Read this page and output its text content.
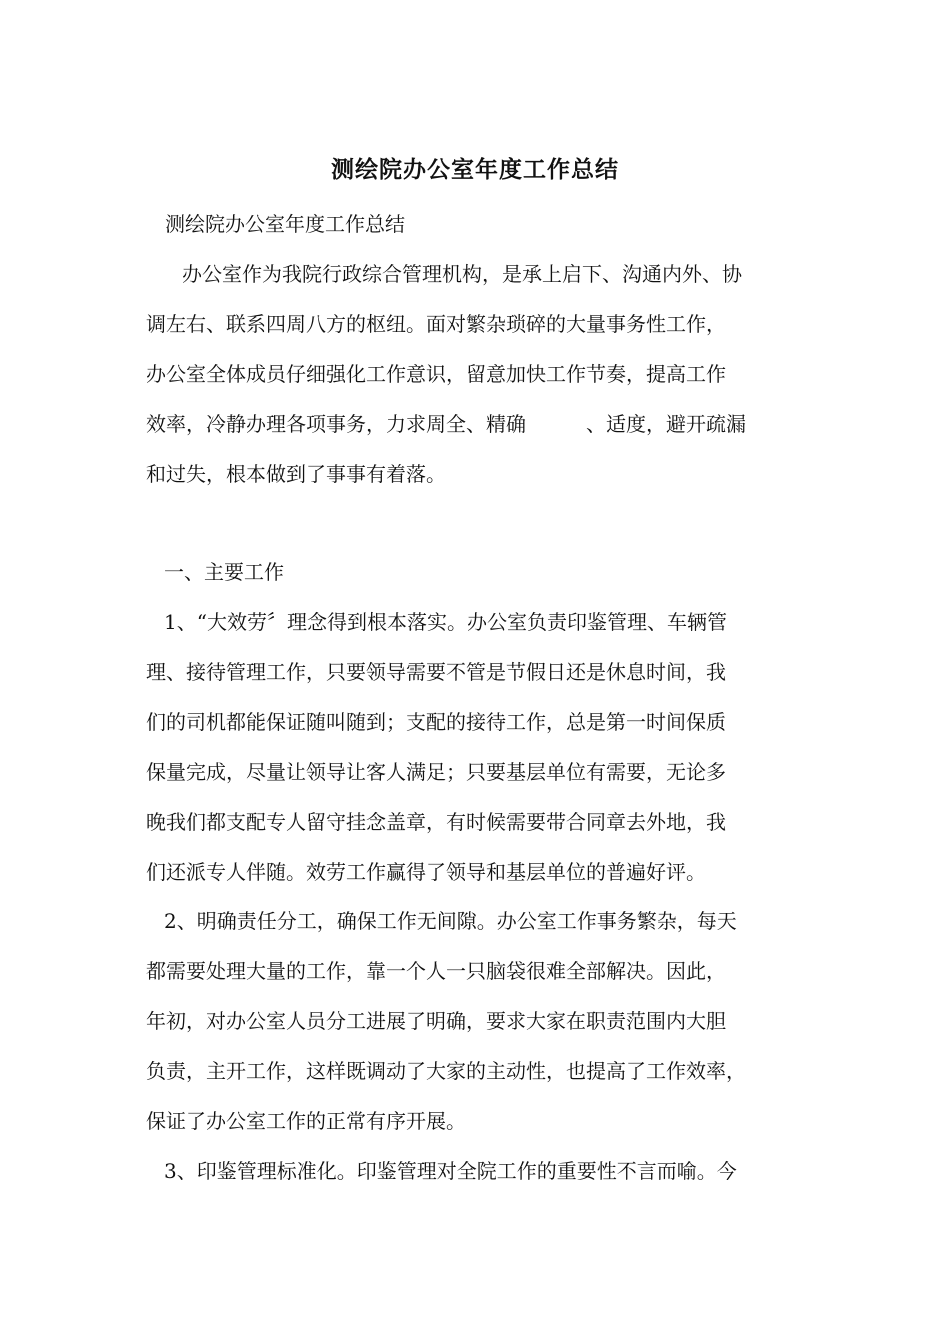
测绘院办公室年度工作总结

测绘院办公室年度工作总结

办公室作为我院行政综合管理机构，是承上启下、沟通内外、协
调左右、联系四周八方的枢纽。面对繁杂琐碎的大量事务性工作，
办公室全体成员仔细强化工作意识，留意加快工作节奏，提高工作
效率，冷静办理各项事务，力求周全、精确	、适度，避开疏漏
和过失，根本做到了事事有着落。
一、主要工作
1、“大效劳〞理念得到根本落实。办公室负责印鉴管理、车辆管
理、接待管理工作，只要领导需要不管是节假日还是休息时间，我
们的司机都能保证随叫随到；支配的接待工作，总是第一时间保质
保量完成，尽量让领导让客人满足；只要基层单位有需要，无论多
晚我们都支配专人留守挂念盖章，有时候需要带合同章去外地，我
们还派专人伴随。效劳工作赢得了领导和基层单位的普遍好评。
2、明确责任分工，确保工作无间隙。办公室工作事务繁杂，每天
都需要处理大量的工作，靠一个人一只脑袋很难全部解决。因此，
年初，对办公室人员分工进展了明确，要求大家在职责范围内大胆
负责，主开工作，这样既调动了大家的主动性，也提高了工作效率，
保证了办公室工作的正常有序开展。
3、印鉴管理标准化。印鉴管理对全院工作的重要性不言而喻。今
